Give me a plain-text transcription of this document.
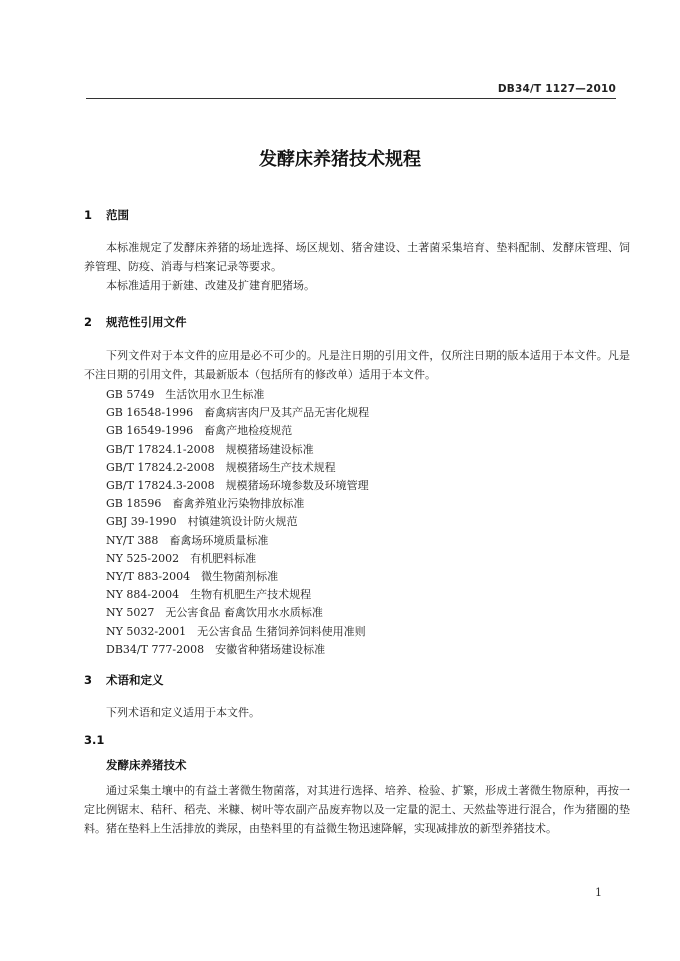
DB34/T 1127—2010
发酵床养猪技术规程
1 范围
本标准规定了发酵床养猪的场址选择、场区规划、猪舍建设、土著菌采集培育、垫料配制、发酵床管理、饲养管理、防疫、消毒与档案记录等要求。
本标准适用于新建、改建及扩建育肥猪场。
2 规范性引用文件
下列文件对于本文件的应用是必不可少的。凡是注日期的引用文件，仅所注日期的版本适用于本文件。凡是不注日期的引用文件，其最新版本（包括所有的修改单）适用于本文件。
GB 5749　生活饮用水卫生标准
GB 16548-1996　畜禽病害肉尸及其产品无害化规程
GB 16549-1996　畜禽产地检疫规范
GB/T 17824.1-2008　规模猪场建设标准
GB/T 17824.2-2008　规模猪场生产技术规程
GB/T 17824.3-2008　规模猪场环境参数及环境管理
GB 18596　畜禽养殖业污染物排放标准
GBJ 39-1990　村镇建筑设计防火规范
NY/T 388　畜禽场环境质量标准
NY 525-2002　有机肥料标准
NY/T 883-2004　微生物菌剂标准
NY 884-2004　生物有机肥生产技术规程
NY 5027　无公害食品 畜禽饮用水水质标准
NY 5032-2001　无公害食品 生猪饲养饲料使用准则
DB34/T 777-2008　安徽省种猪场建设标准
3 术语和定义
下列术语和定义适用于本文件。
3.1
发酵床养猪技术
通过采集土壤中的有益土著微生物菌落，对其进行选择、培养、检验、扩繁，形成土著微生物原种，再按一定比例锯末、秸秆、稻壳、米糠、树叶等农副产品废弃物以及一定量的泥土、天然盐等进行混合，作为猪圈的垫料。猪在垫料上生活排放的粪尿，由垫料里的有益微生物迅速降解，实现减排放的新型养猪技术。
1
